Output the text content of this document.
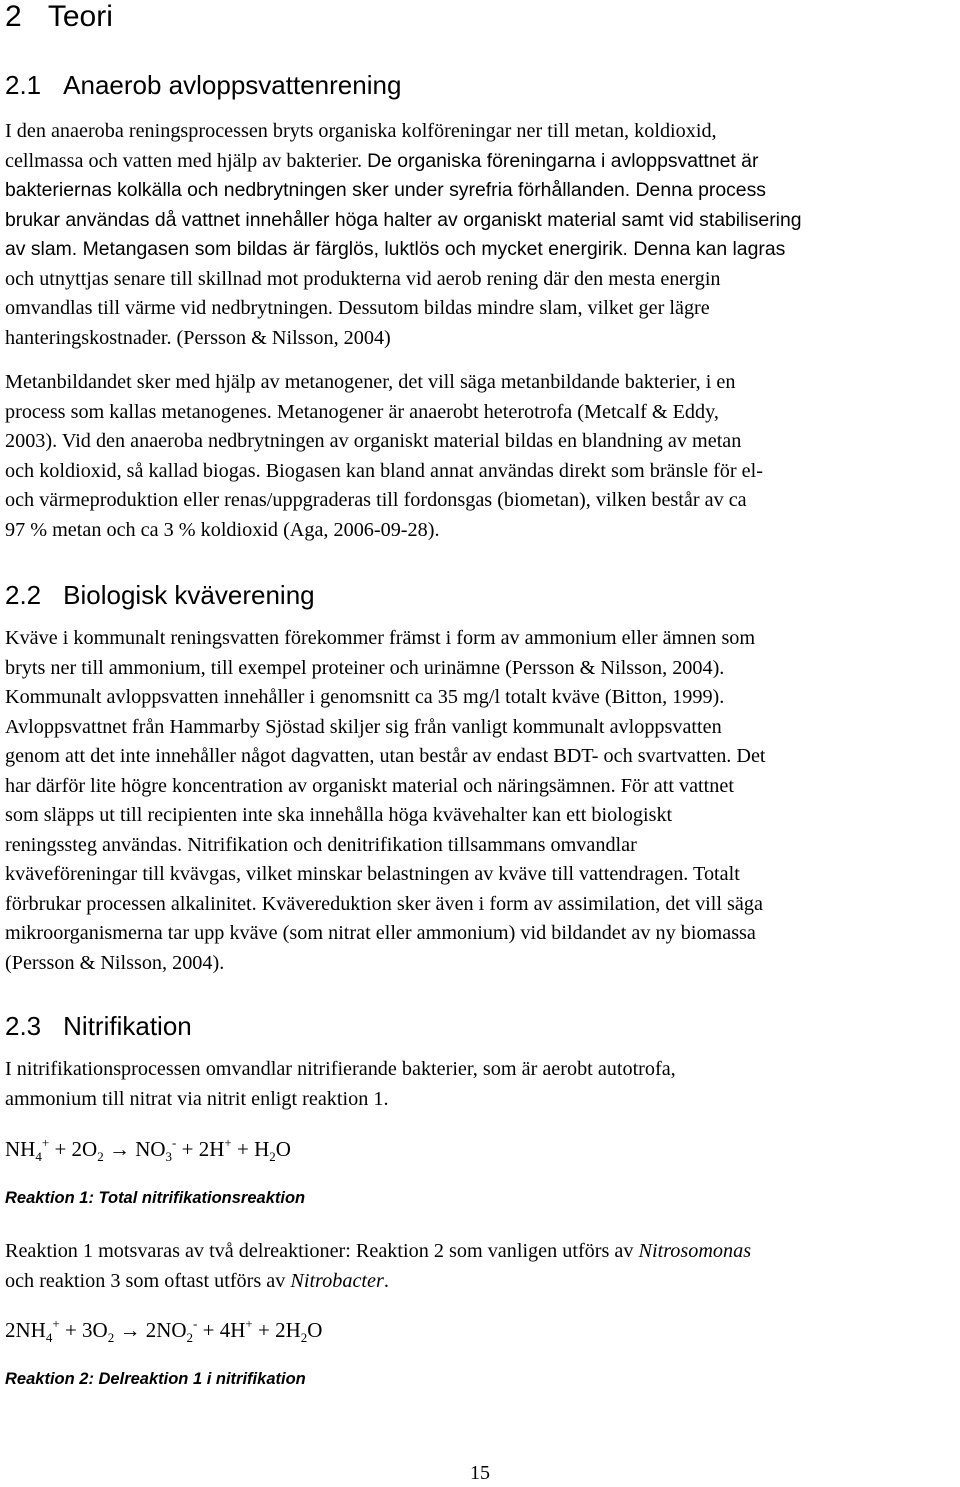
2 Teori
2.1 Anaerob avloppsvattenrening
I den anaeroba reningsprocessen bryts organiska kolföreningar ner till metan, koldioxid,
cellmassa och vatten med hjälp av bakterier. De organiska föreningarna i avloppsvattnet är
bakteriernas kolkälla och nedbrytningen sker under syrefria förhållanden. Denna process
brukar användas då vattnet innehåller höga halter av organiskt material samt vid stabilisering
av slam. Metangasen som bildas är färglös, luktlös och mycket energirik. Denna kan lagras
och utnyttjas senare till skillnad mot produkterna vid aerob rening där den mesta energin
omvandlas till värme vid nedbrytningen. Dessutom bildas mindre slam, vilket ger lägre
hanteringskostnader. (Persson & Nilsson, 2004)
Metanbildandet sker med hjälp av metanogener, det vill säga metanbildande bakterier, i en
process som kallas metanogenes. Metanogener är anaerobt heterotrofa (Metcalf & Eddy,
2003). Vid den anaeroba nedbrytningen av organiskt material bildas en blandning av metan
och koldioxid, så kallad biogas. Biogasen kan bland annat användas direkt som bränsle för el-
och värmeproduktion eller renas/uppgraderas till fordonsgas (biometan), vilken består av ca
97 % metan och ca 3 % koldioxid (Aga, 2006-09-28).
2.2 Biologisk kväverening
Kväve i kommunalt reningsvatten förekommer främst i form av ammonium eller ämnen som
bryts ner till ammonium, till exempel proteiner och urinämne (Persson & Nilsson, 2004).
Kommunalt avloppsvatten innehåller i genomsnitt ca 35 mg/l totalt kväve (Bitton, 1999).
Avloppsvattnet från Hammarby Sjöstad skiljer sig från vanligt kommunalt avloppsvatten
genom att det inte innehåller något dagvatten, utan består av endast BDT- och svartvatten. Det
har därför lite högre koncentration av organiskt material och näringsämnen. För att vattnet
som släpps ut till recipienten inte ska innehålla höga kvävehalter kan ett biologiskt
reningssteg användas. Nitrifikation och denitrifikation tillsammans omvandlar
kväveföreningar till kvävgas, vilket minskar belastningen av kväve till vattendragen. Totalt
förbrukar processen alkalinitet. Kvävereduktion sker även i form av assimilation, det vill säga
mikroorganismerna tar upp kväve (som nitrat eller ammonium) vid bildandet av ny biomassa
(Persson & Nilsson, 2004).
2.3 Nitrifikation
I nitrifikationsprocessen omvandlar nitrifierande bakterier, som är aerobt autotrofa,
ammonium till nitrat via nitrit enligt reaktion 1.
$NH_4^+ + 2O_2 \to NO_3^- + 2H^+ + H_2O$
Reaktion 1: Total nitrifikationsreaktion
Reaktion 1 motsvaras av två delreaktioner: Reaktion 2 som vanligen utförs av Nitrosomonas
och reaktion 3 som oftast utförs av Nitrobacter.
$2NH_4^+ + 3O_2 \to 2NO_2^- + 4H^+ + 2H_2O$
Reaktion 2: Delreaktion 1 i nitrifikation
15
